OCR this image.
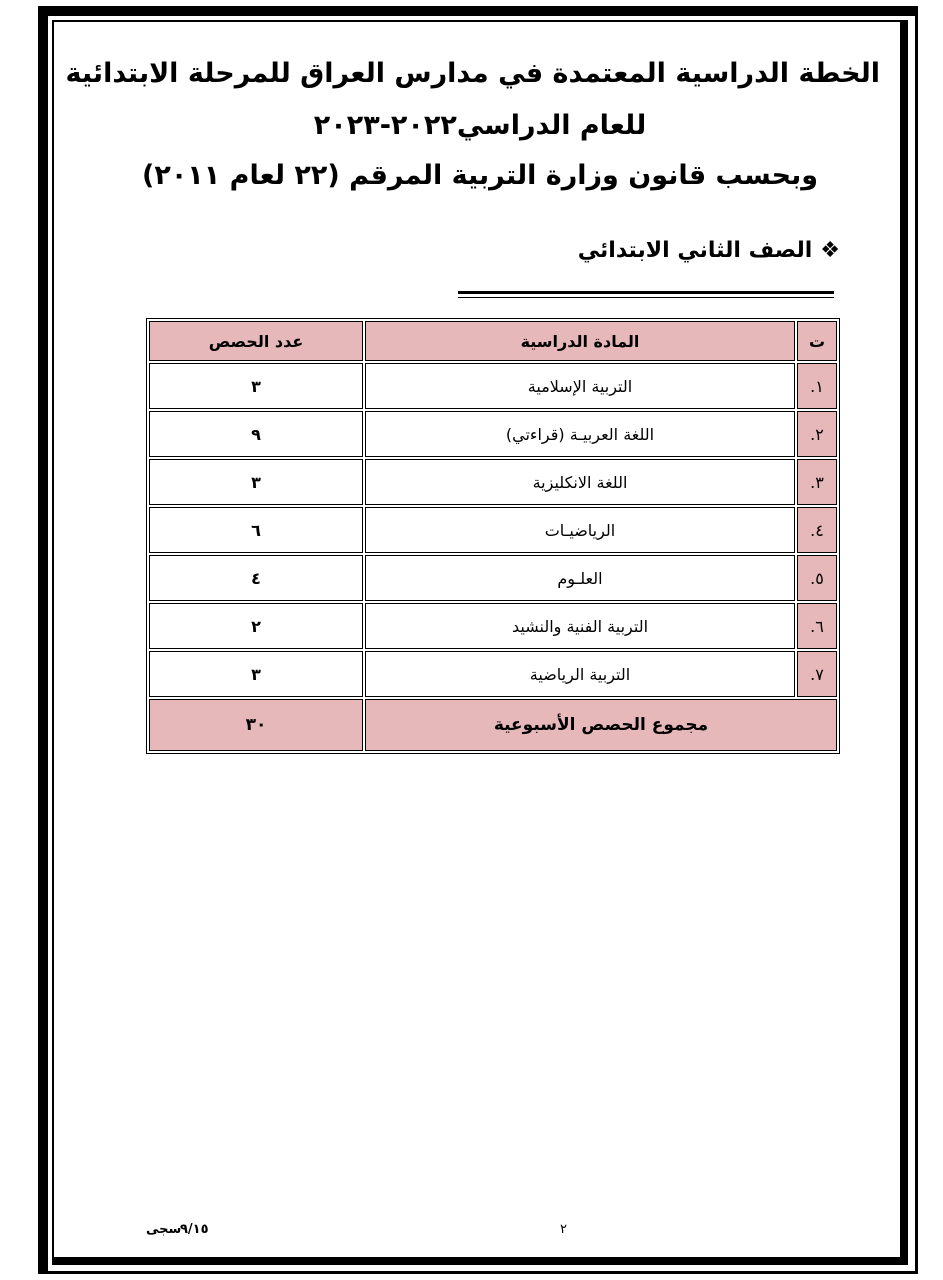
الخطة الدراسية المعتمدة في مدارس العراق للمرحلة الابتدائية
للعام الدراسي٢٠٢٢-٢٠٢٣
وبحسب قانون وزارة التربية المرقم (٢٢ لعام ٢٠١١)
❖الصف الثاني الابتدائي
ت	المادة الدراسية	عدد الحصص
١.	التربية الإسلامية	٣
٢.	اللغة العربيـة (قراءتي)	٩
٣.	اللغة الانكليزية	٣
٤.	الرياضيـات	٦
٥.	العلـوم	٤
٦.	التربية الفنية والنشيد	٢
٧.	التربية الرياضية	٣
مجموع الحصص الأسبوعية		٣٠
٢
٩/١٥
سجى
